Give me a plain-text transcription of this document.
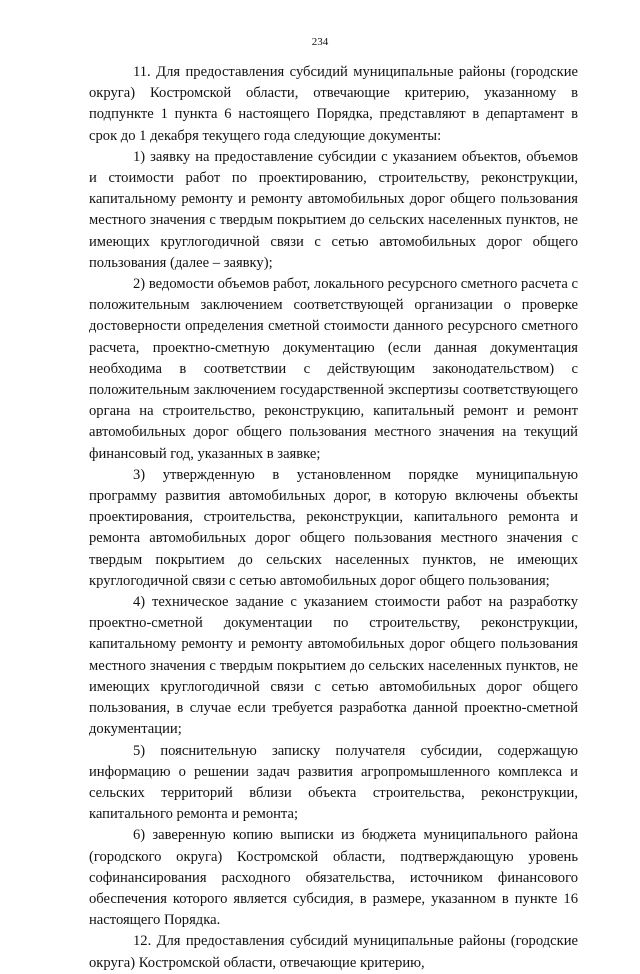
234

11. Для предоставления субсидий муниципальные районы (городские округа) Костромской области, отвечающие критерию, указанному в подпункте 1 пункта 6 настоящего Порядка, представляют в департамент в срок до 1 декабря текущего года следующие документы:

1) заявку на предоставление субсидии с указанием объектов, объемов и стоимости работ по проектированию, строительству, реконструкции, капитальному ремонту и ремонту автомобильных дорог общего пользования местного значения с твердым покрытием до сельских населенных пунктов, не имеющих круглогодичной связи с сетью автомобильных дорог общего пользования (далее – заявку);

2) ведомости объемов работ, локального ресурсного сметного расчета с положительным заключением соответствующей организации о проверке достоверности определения сметной стоимости данного ресурсного сметного расчета, проектно-сметную документацию (если данная документация необходима в соответствии с действующим законодательством) с положительным заключением государственной экспертизы соответствующего органа на строительство, реконструкцию, капитальный ремонт и ремонт автомобильных дорог общего пользования местного значения на текущий финансовый год, указанных в заявке;

3) утвержденную в установленном порядке муниципальную программу развития автомобильных дорог, в которую включены объекты проектирования, строительства, реконструкции, капитального ремонта и ремонта автомобильных дорог общего пользования местного значения с твердым покрытием до сельских населенных пунктов, не имеющих круглогодичной связи с сетью автомобильных дорог общего пользования;

4) техническое задание с указанием стоимости работ на разработку проектно-сметной документации по строительству, реконструкции, капитальному ремонту и ремонту автомобильных дорог общего пользования местного значения с твердым покрытием до сельских населенных пунктов, не имеющих круглогодичной связи с сетью автомобильных дорог общего пользования, в случае если требуется разработка данной проектно-сметной документации;

5) пояснительную записку получателя субсидии, содержащую информацию о решении задач развития агропромышленного комплекса и сельских территорий вблизи объекта строительства, реконструкции, капитального ремонта и ремонта;

6) заверенную копию выписки из бюджета муниципального района (городского округа) Костромской области, подтверждающую уровень софинансирования расходного обязательства, источником финансового обеспечения которого является субсидия, в размере, указанном в пункте 16 настоящего Порядка.

12. Для предоставления субсидий муниципальные районы (городские округа) Костромской области, отвечающие критерию,
